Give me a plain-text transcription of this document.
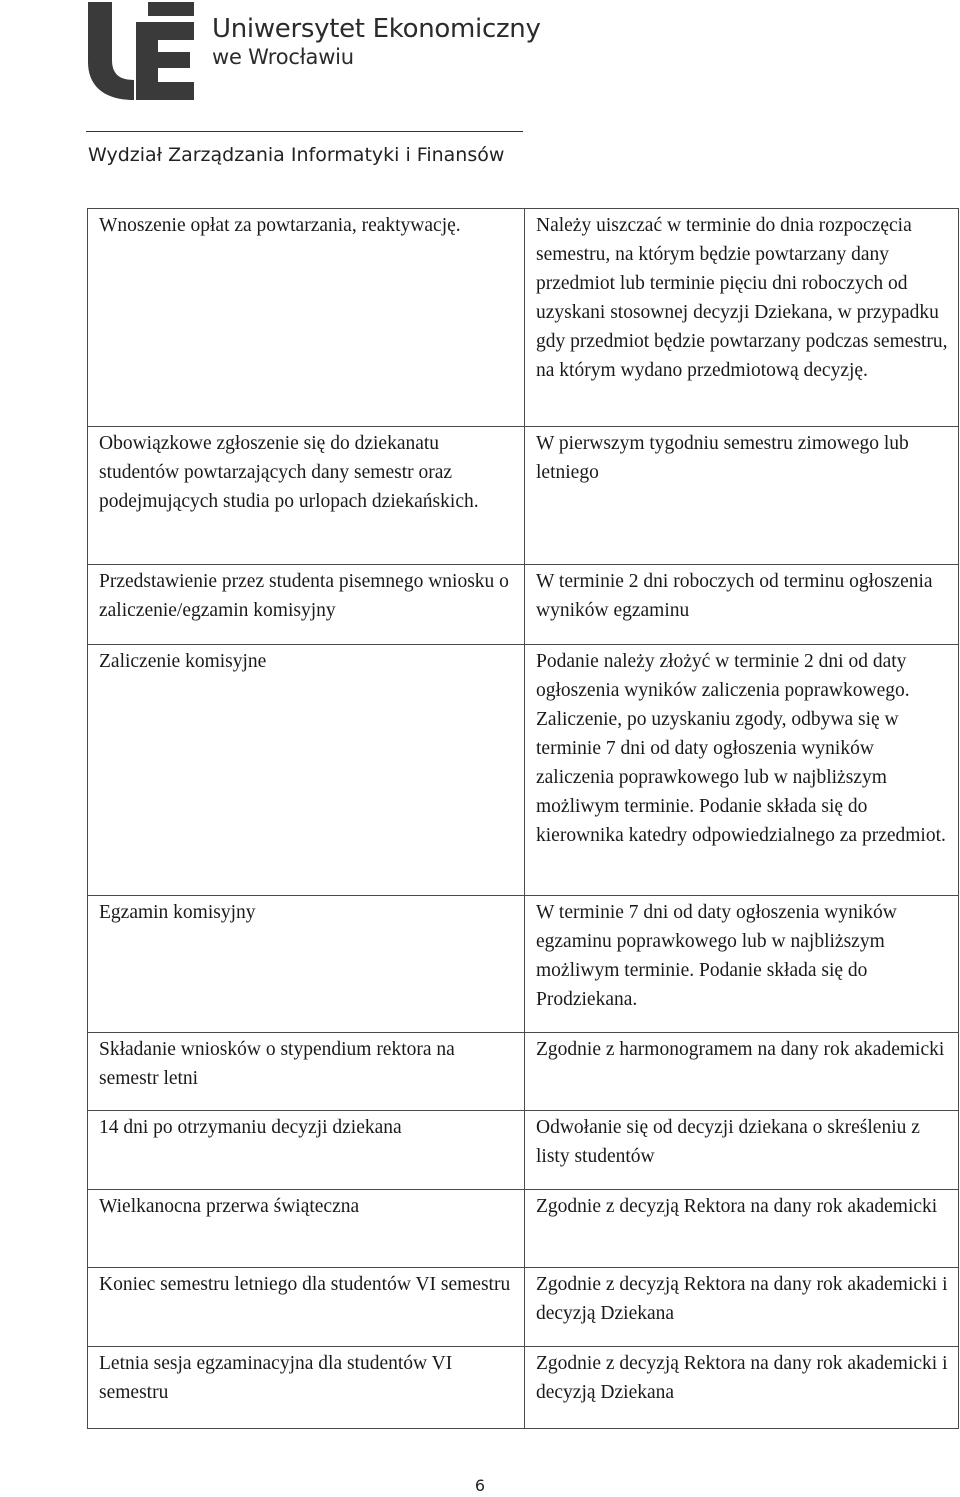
Uniwersytet Ekonomiczny
we Wrocławiu
Wydział Zarządzania Informatyki i Finansów
Wnoszenie opłat za powtarzania, reaktywację.	Należy uiszczać w terminie do dnia rozpoczęcia semestru, na którym będzie powtarzany dany przedmiot lub terminie pięciu dni roboczych od uzyskani stosownej decyzji Dziekana, w przypadku gdy przedmiot będzie powtarzany podczas semestru, na którym wydano przedmiotową decyzję.
Obowiązkowe zgłoszenie się do dziekanatu studentów powtarzających dany semestr oraz podejmujących studia po urlopach dziekańskich.	W pierwszym tygodniu semestru zimowego lub letniego
Przedstawienie przez studenta pisemnego wniosku o zaliczenie/egzamin komisyjny	W terminie 2 dni roboczych od terminu ogłoszenia wyników egzaminu
Zaliczenie komisyjne	Podanie należy złożyć w terminie 2 dni od daty ogłoszenia wyników zaliczenia poprawkowego. Zaliczenie, po uzyskaniu zgody, odbywa się w terminie 7 dni od daty ogłoszenia wyników zaliczenia poprawkowego lub w najbliższym możliwym terminie. Podanie składa się do kierownika katedry odpowiedzialnego za przedmiot.
Egzamin komisyjny	W terminie 7 dni od daty ogłoszenia wyników egzaminu poprawkowego lub w najbliższym możliwym terminie. Podanie składa się do Prodziekana.
Składanie wniosków o stypendium rektora na semestr letni	Zgodnie z harmonogramem na dany rok akademicki
14 dni po otrzymaniu decyzji dziekana	Odwołanie się od decyzji dziekana o skreśleniu z listy studentów
Wielkanocna przerwa świąteczna	Zgodnie z decyzją Rektora na dany rok akademicki
Koniec semestru letniego dla studentów VI semestru	Zgodnie z decyzją Rektora na dany rok akademicki i decyzją Dziekana
Letnia sesja egzaminacyjna dla studentów VI semestru	Zgodnie z decyzją Rektora na dany rok akademicki i decyzją Dziekana
6
